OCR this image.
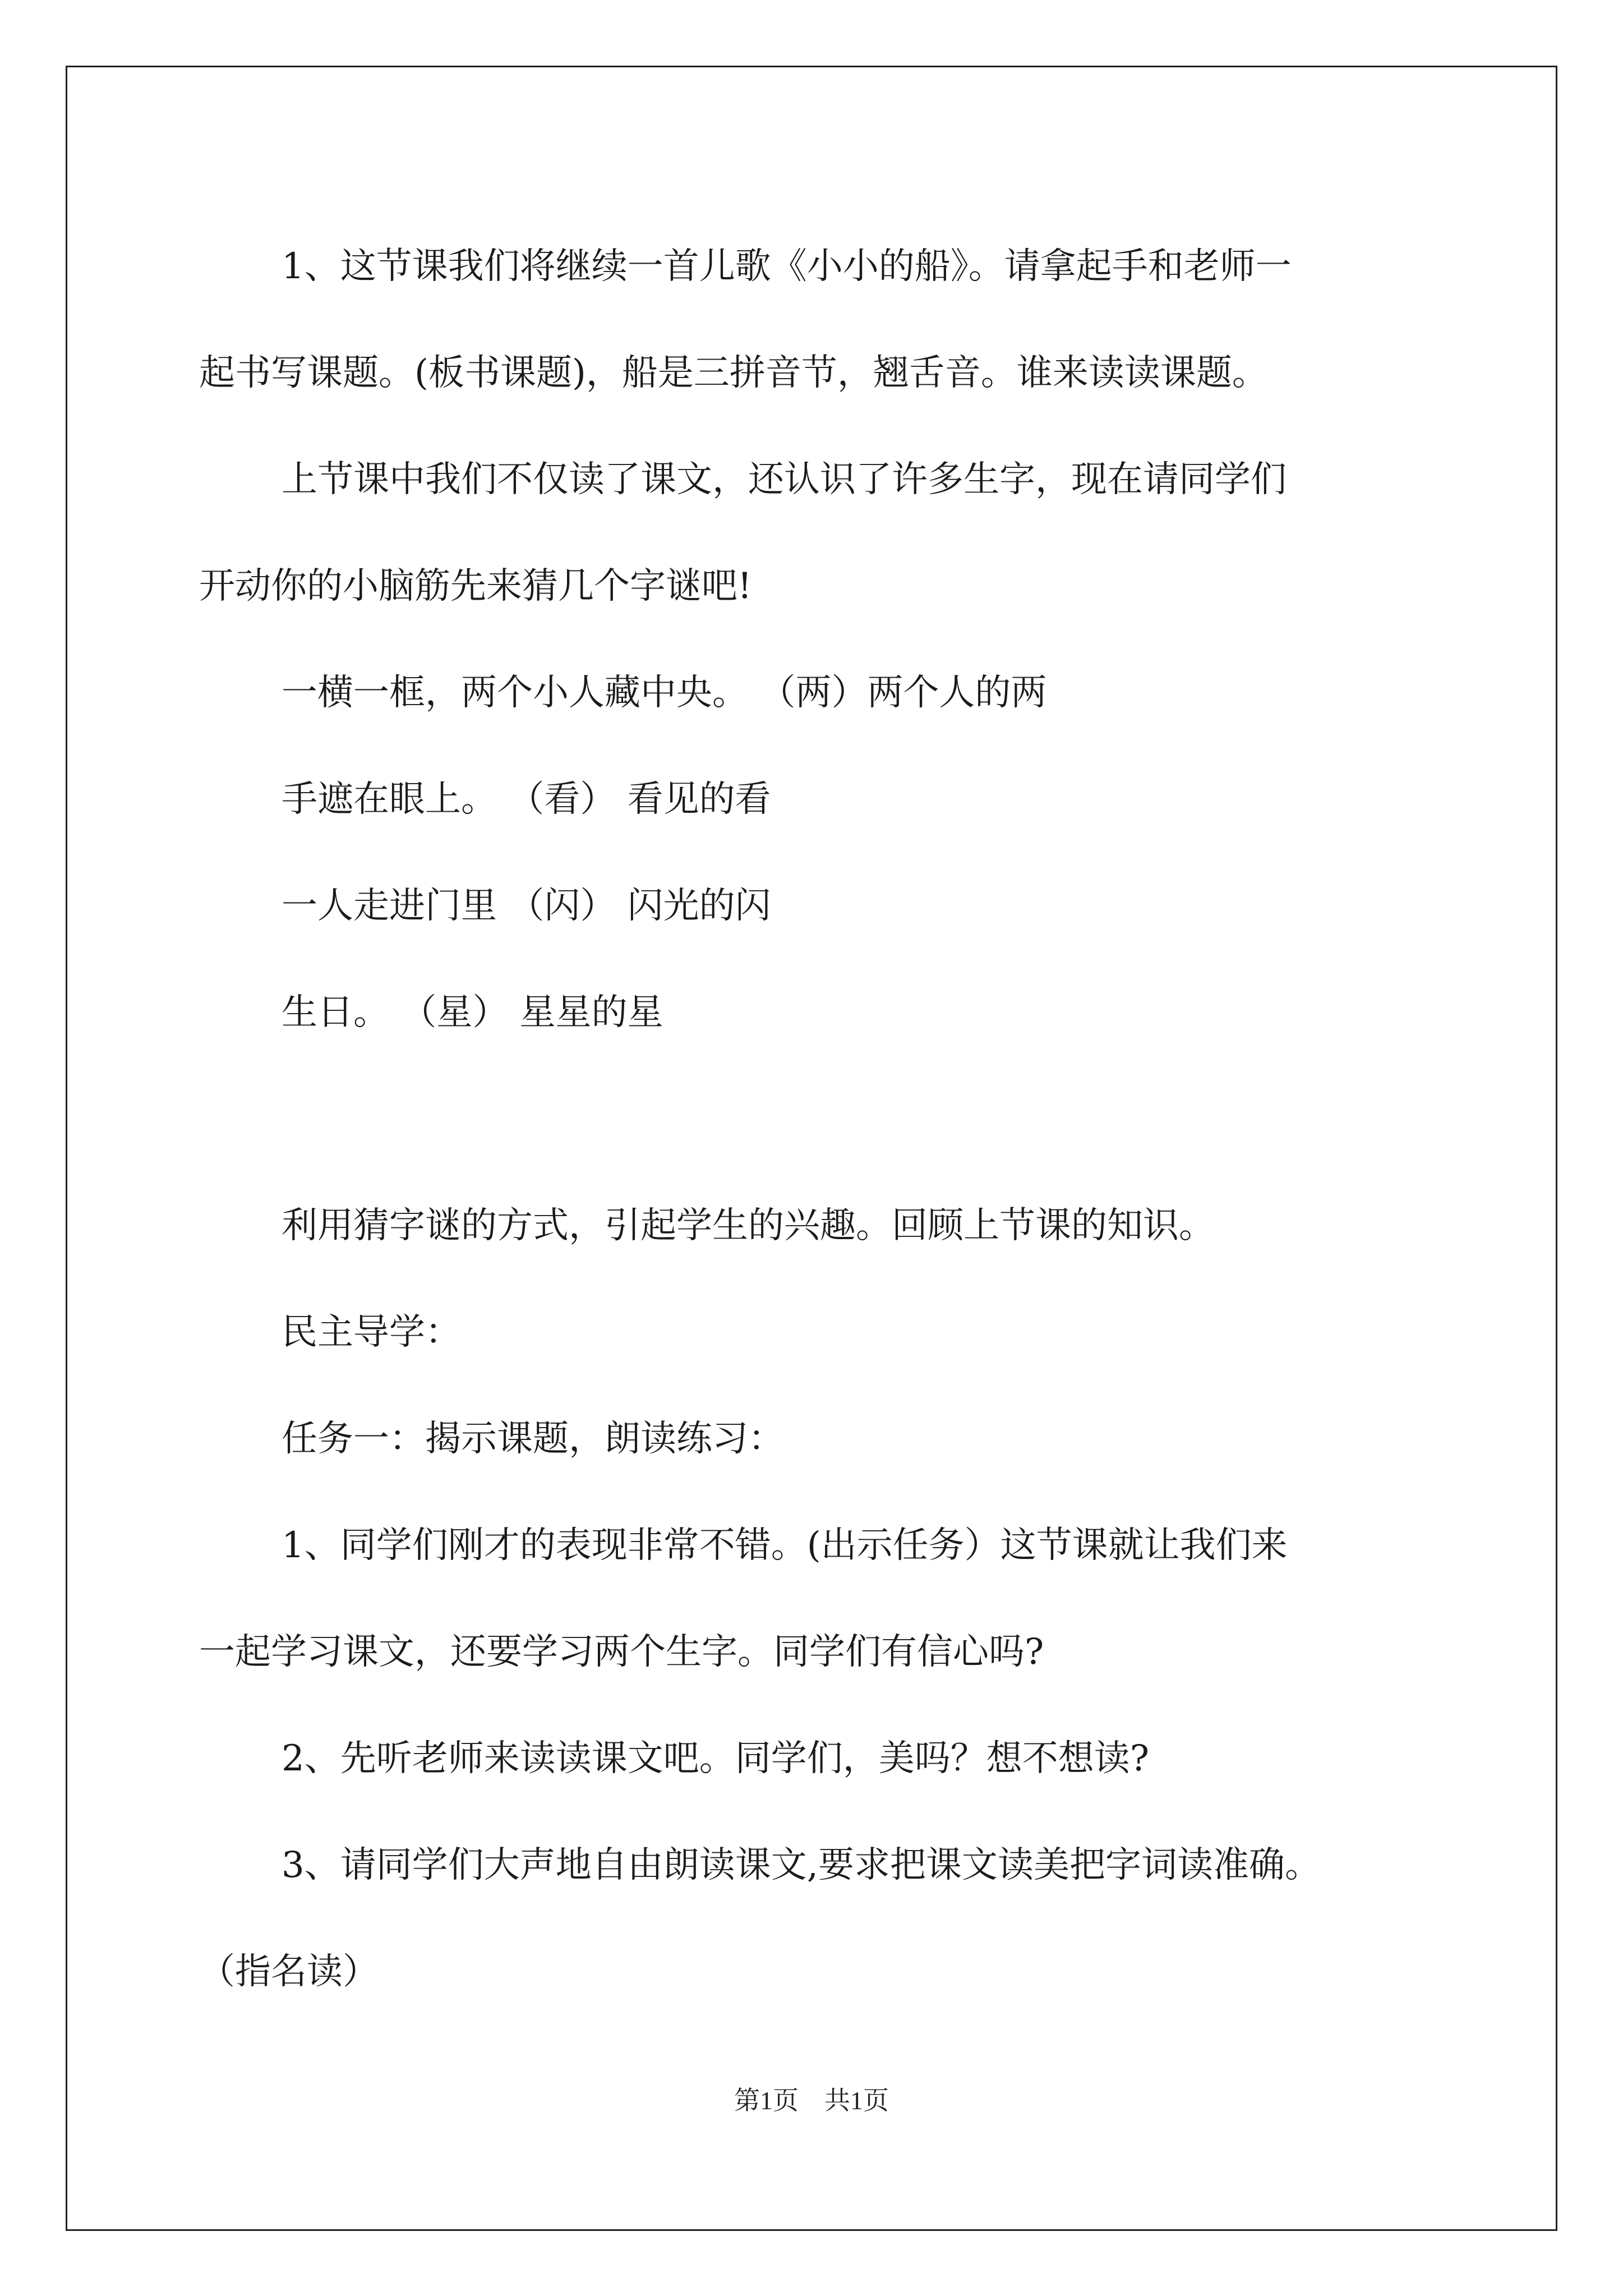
1、这节课我们将继续一首儿歌《小小的船》。请拿起手和老师一

起书写课题。(板书课题)，船是三拼音节，翘舌音。谁来读读课题。

上节课中我们不仅读了课文，还认识了许多生字，现在请同学们

开动你的小脑筋先来猜几个字谜吧!

一横一框，两个小人藏中央。 （两）两个人的两

手遮在眼上。 （看） 看见的看

一人走进门里 （闪） 闪光的闪

生日。 （星） 星星的星

利用猜字谜的方式，引起学生的兴趣。回顾上节课的知识。

民主导学：

任务一：揭示课题，朗读练习：

1、同学们刚才的表现非常不错。(出示任务）这节课就让我们来

一起学习课文，还要学习两个生字。同学们有信心吗?

2、先听老师来读读课文吧。同学们，美吗？想不想读?

3、请同学们大声地自由朗读课文,要求把课文读美把字词读准确。

（指名读）

第1页　共1页
